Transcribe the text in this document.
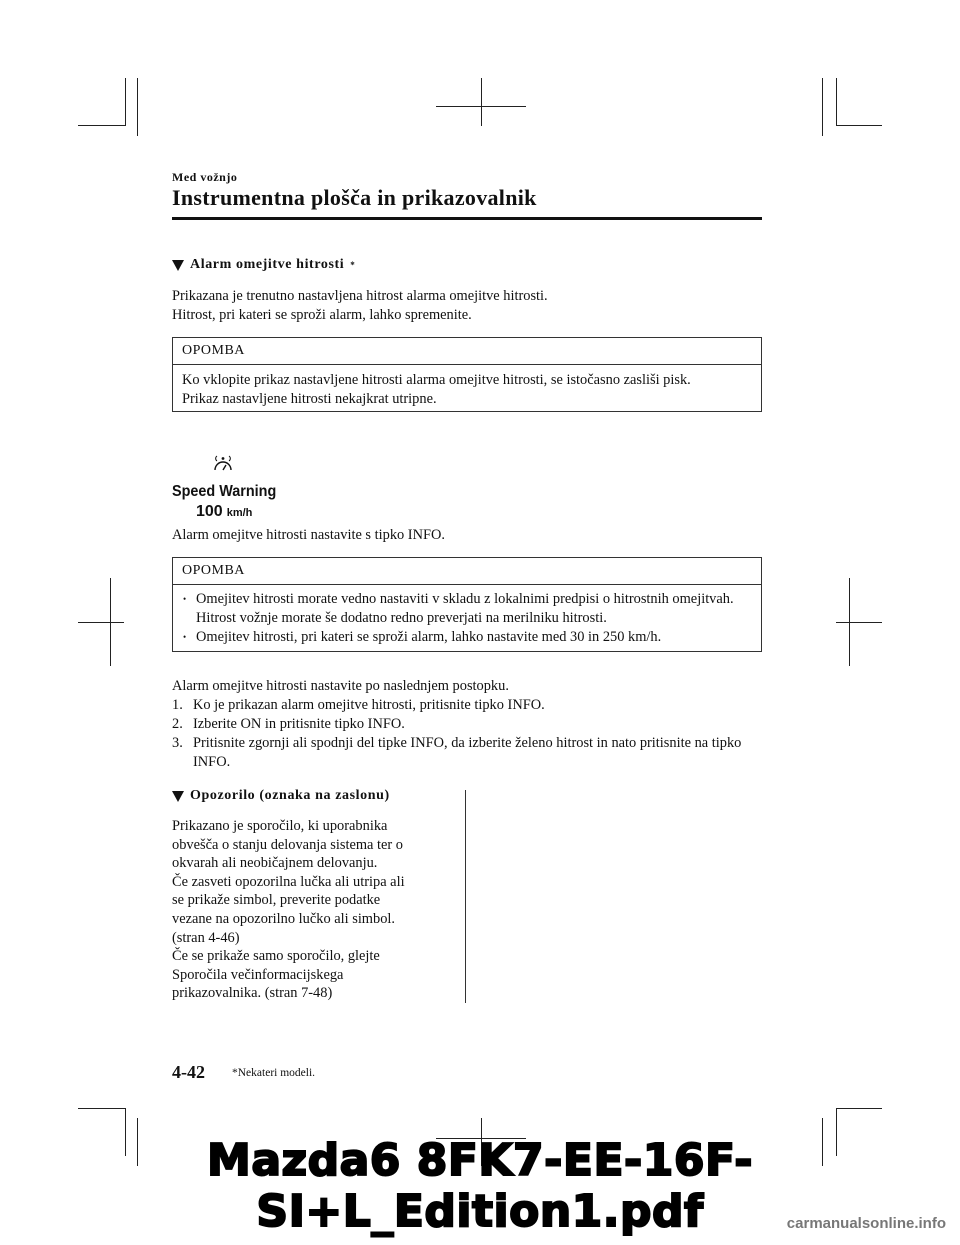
Med vožnjo
Instrumentna plošča in prikazovalnik
Alarm omejitve hitrosti *

Prikazana je trenutno nastavljena hitrost alarma omejitve hitrosti.

Hitrost, pri kateri se sproži alarm, lahko spremenite.

OPOMBA

Ko vklopite prikaz nastavljene hitrosti alarma omejitve hitrosti, se istočasno zasliši pisk.

Prikaz nastavljene hitrosti nekajkrat utripne.

Speed Warning
100 km/h
Alarm omejitve hitrosti nastavite s tipko INFO.
OPOMBA

• Omejitev hitrosti morate vedno nastaviti v skladu z lokalnimi predpisi o hitrostnih omejitvah. Hitrost vožnje morate še dodatno redno preverjati na merilniku hitrosti.

• Omejitev hitrosti, pri kateri se sproži alarm, lahko nastavite med 30 in 250 km/h.

Alarm omejitve hitrosti nastavite po naslednjem postopku.

1. Ko je prikazan alarm omejitve hitrosti, pritisnite tipko INFO.
2. Izberite ON in pritisnite tipko INFO.
3. Pritisnite zgornji ali spodnji del tipke INFO, da izberite želeno hitrost in nato pritisnite na tipko INFO.
Opozorilo (oznaka na zaslonu)

Prikazano je sporočilo, ki uporabnika

obvešča o stanju delovanja sistema ter o

okvarah ali neobičajnem delovanju.

Če zasveti opozorilna lučka ali utripa ali

se prikaže simbol, preverite podatke

vezane na opozorilno lučko ali simbol.

(stran 4-46)

Če se prikaže samo sporočilo, glejte

Sporočila večinformacijskega

prikazovalnika. (stran 7-48)

4-42 *Nekateri modeli.
Mazda6 8FK7-EE-16F-SI+L_Edition1.pdf	carmanualsonline.info
